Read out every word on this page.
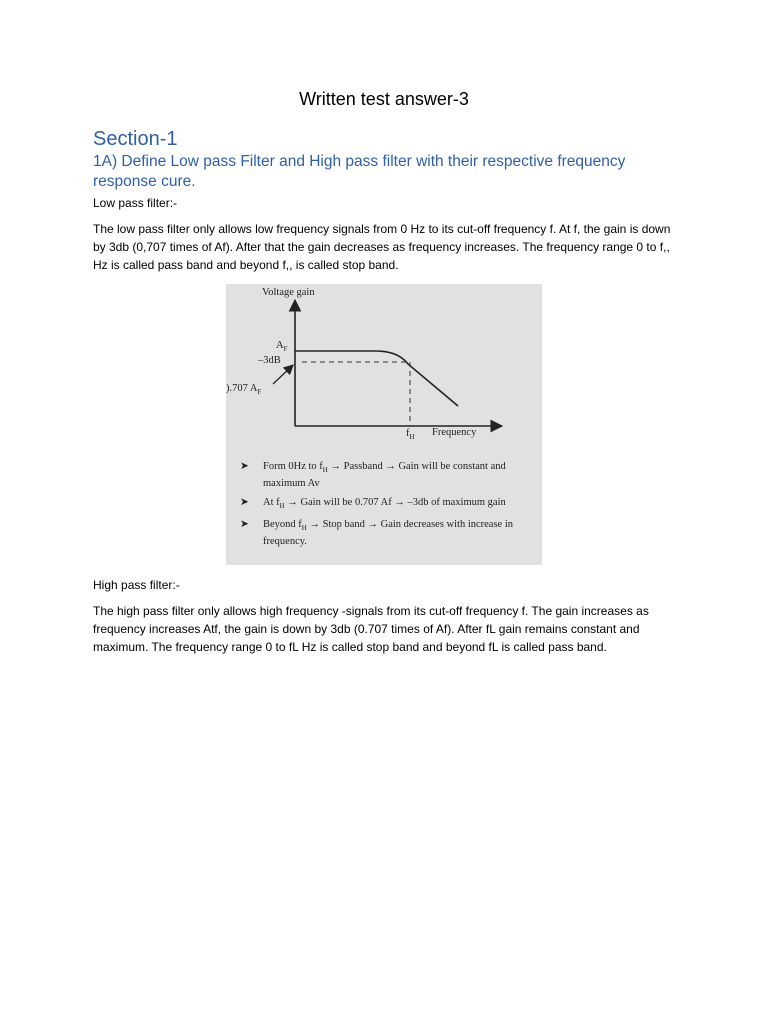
Written test answer-3
Section-1
1A) Define Low pass Filter and High pass filter with their respective frequency response cure.
Low pass filter:-
The low pass filter only allows low frequency signals from 0 Hz to its cut-off frequency f. At f, the gain is down by 3db (0,707 times of Af). After that the gain decreases as frequency increases. The frequency range 0 to f,, Hz is called pass band and beyond f,, is called stop band.
Voltage gain
$A_F$
–3dB
).707 $A_F$
$f_H$ Frequency
➤ Form 0Hz to $f_H$ → Passband → Gain will be constant and maximum Av
➤ At $f_H$ → Gain will be 0.707 Af → –3db of maximum gain
➤ Beyond $f_H$ → Stop band → Gain decreases with increase in frequency.
High pass filter:-
The high pass filter only allows high frequency -signals from its cut-off frequency f. The gain increases as frequency increases Atf, the gain is down by 3db (0.707 times of Af). After fL gain remains constant and maximum. The frequency range 0 to fL Hz is called stop band and beyond fL is called pass band.
